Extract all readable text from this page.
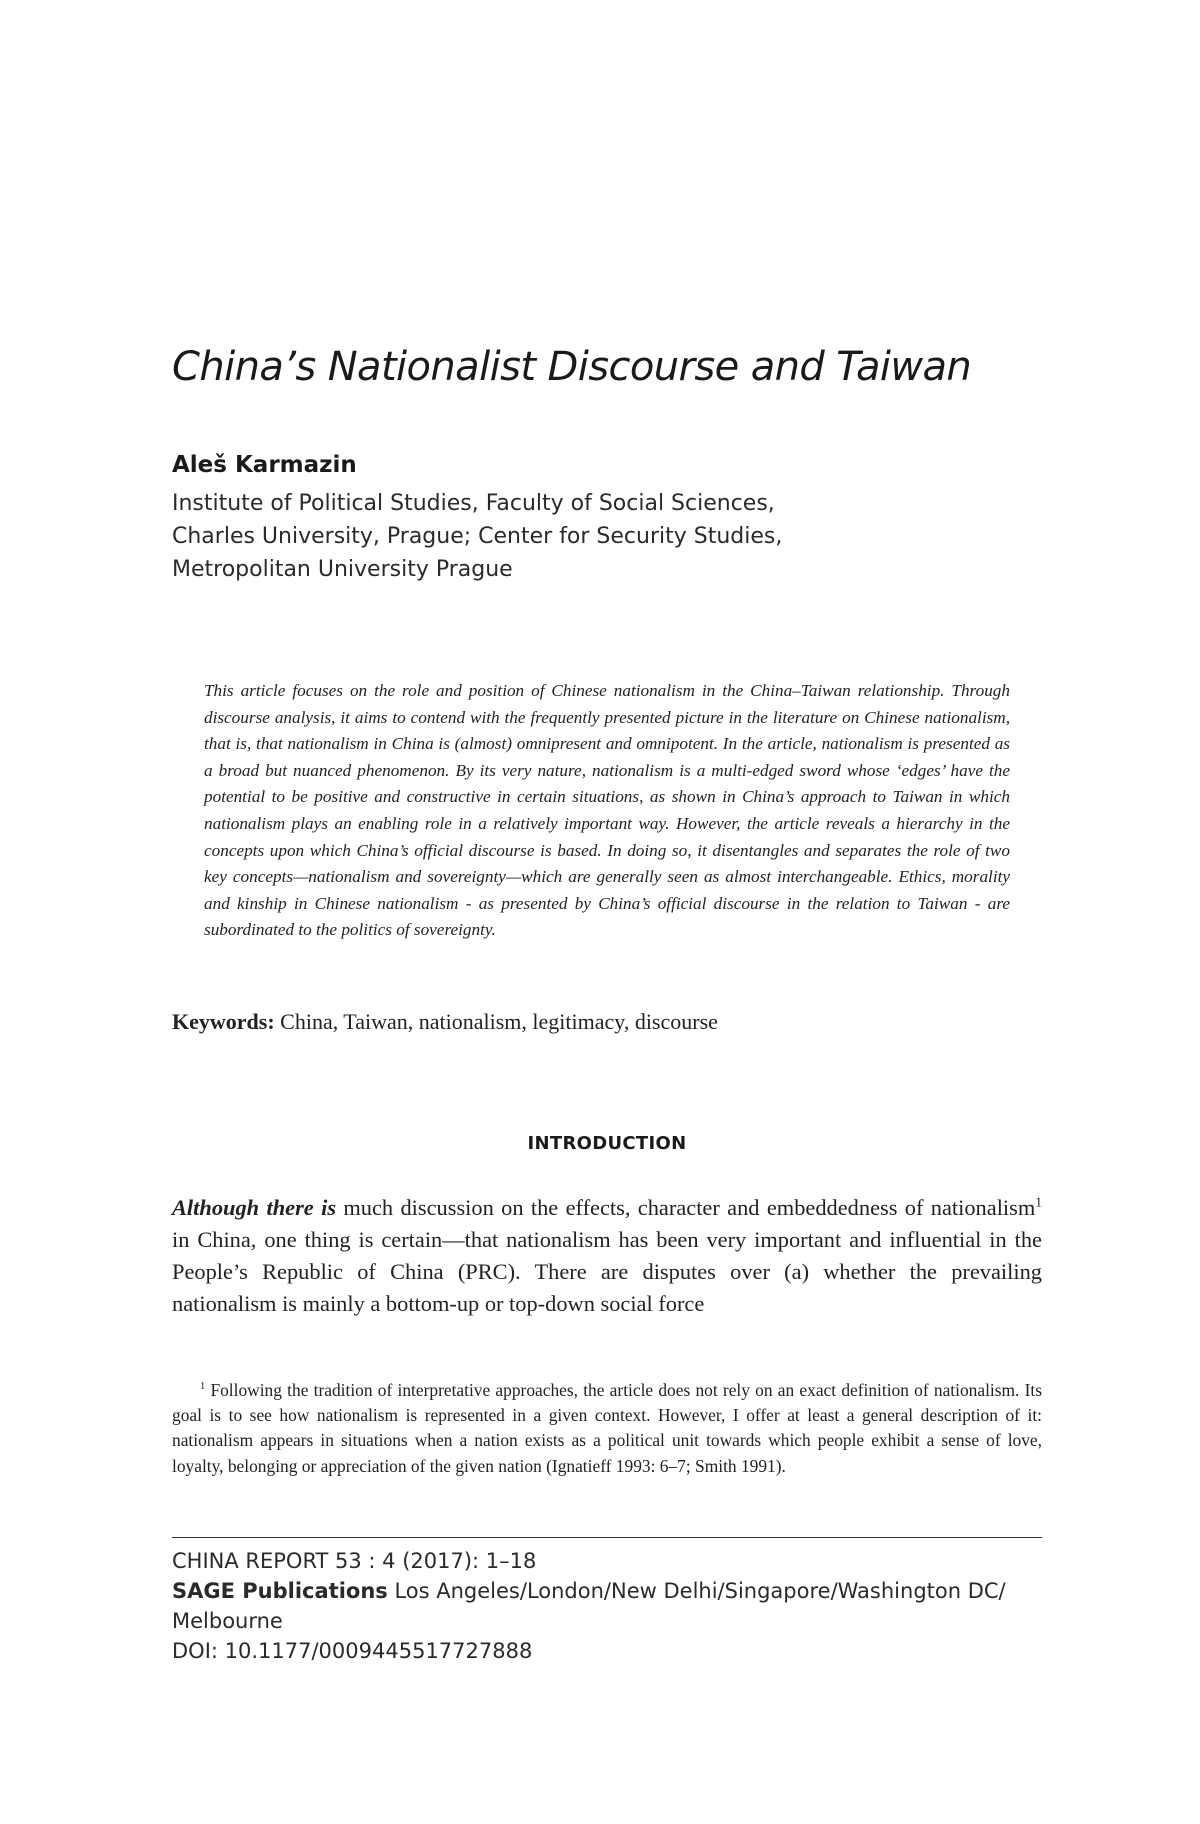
China’s Nationalist Discourse and Taiwan
Aleš Karmazin
Institute of Political Studies, Faculty of Social Sciences,
Charles University, Prague; Center for Security Studies,
Metropolitan University Prague

This article focuses on the role and position of Chinese nationalism in the China–Taiwan relationship. Through discourse analysis, it aims to contend with the frequently presented picture in the literature on Chinese nationalism, that is, that nationalism in China is (almost) omnipresent and omnipotent. In the article, nationalism is presented as a broad but nuanced phenomenon. By its very nature, nationalism is a multi-edged sword whose ‘edges’ have the potential to be positive and constructive in certain situations, as shown in China’s approach to Taiwan in which nationalism plays an enabling role in a relatively important way. However, the article reveals a hierarchy in the concepts upon which China’s official discourse is based. In doing so, it disentangles and separates the role of two key concepts—nationalism and sovereignty—which are generally seen as almost interchangeable. Ethics, morality and kinship in Chinese nationalism - as presented by China’s official discourse in the relation to Taiwan - are subordinated to the politics of sovereignty.

Keywords: China, Taiwan, nationalism, legitimacy, discourse
INTRODUCTION

Although there is much discussion on the effects, character and embeddedness of nationalism$^1$ in China, one thing is certain—that nationalism has been very important and influential in the People’s Republic of China (PRC). There are disputes over (a) whether the prevailing nationalism is mainly a bottom-up or top-down social force

$^1$ Following the tradition of interpretative approaches, the article does not rely on an exact definition of nationalism. Its goal is to see how nationalism is represented in a given context. However, I offer at least a general description of it: nationalism appears in situations when a nation exists as a political unit towards which people exhibit a sense of love, loyalty, belonging or appreciation of the given nation (Ignatieff 1993: 6–7; Smith 1991).

CHINA REPORT 53 : 4 (2017): 1–18
SAGE Publications Los Angeles/London/New Delhi/Singapore/Washington DC/
Melbourne
DOI: 10.1177/0009445517727888
